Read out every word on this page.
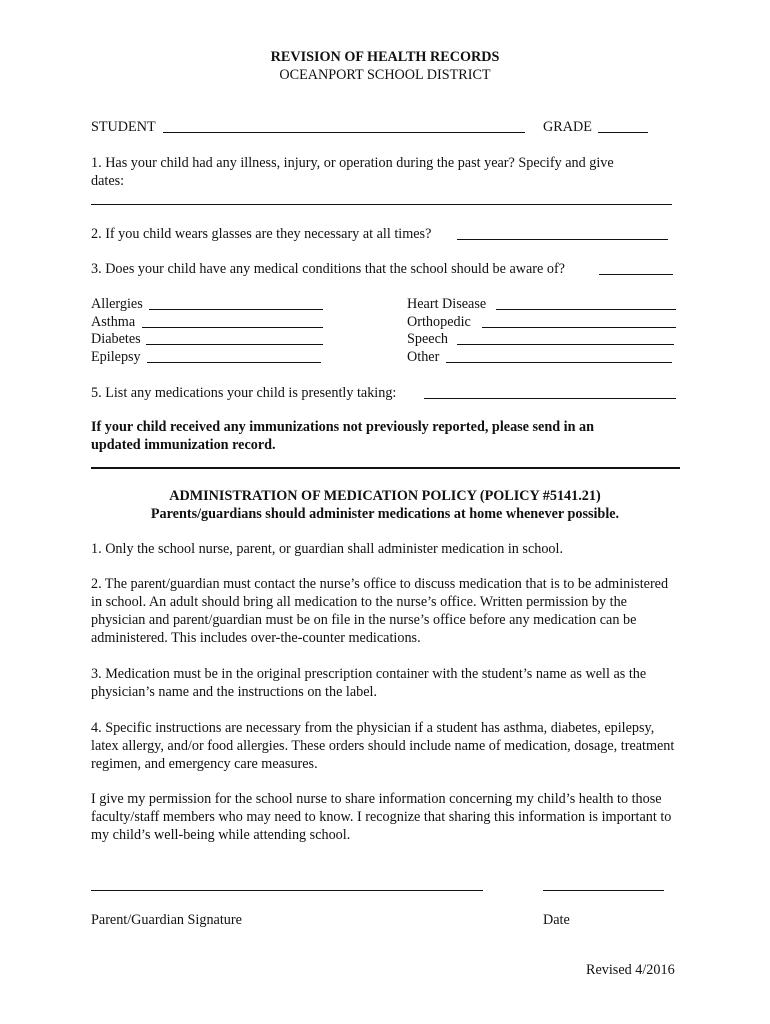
REVISION OF HEALTH RECORDS
OCEANPORT SCHOOL DISTRICT
STUDENT	GRADE
1. Has your child had any illness, injury, or operation during the past year? Specify and give
dates:
2. If you child wears glasses are they necessary at all times?
3. Does your child have any medical conditions that the school should be aware of?
Allergies
Asthma
Diabetes
Epilepsy
Heart Disease
Orthopedic
Speech
Other
5. List any medications your child is presently taking:
If your child received any immunizations not previously reported, please send in an
updated immunization record.
ADMINISTRATION OF MEDICATION POLICY (POLICY #5141.21)
Parents/guardians should administer medications at home whenever possible.
1. Only the school nurse, parent, or guardian shall administer medication in school.
2. The parent/guardian must contact the nurse’s office to discuss medication that is to be administered in school. An adult should bring all medication to the nurse’s office. Written permission by the physician and parent/guardian must be on file in the nurse’s office before any medication can be administered. This includes over-the-counter medications.
3. Medication must be in the original prescription container with the student’s name as well as the physician’s name and the instructions on the label.
4. Specific instructions are necessary from the physician if a student has asthma, diabetes, epilepsy, latex allergy, and/or food allergies. These orders should include name of medication, dosage, treatment regimen, and emergency care measures.
I give my permission for the school nurse to share information concerning my child’s health to those faculty/staff members who may need to know. I recognize that sharing this information is important to my child’s well-being while attending school.
Parent/Guardian Signature	Date
Revised 4/2016
